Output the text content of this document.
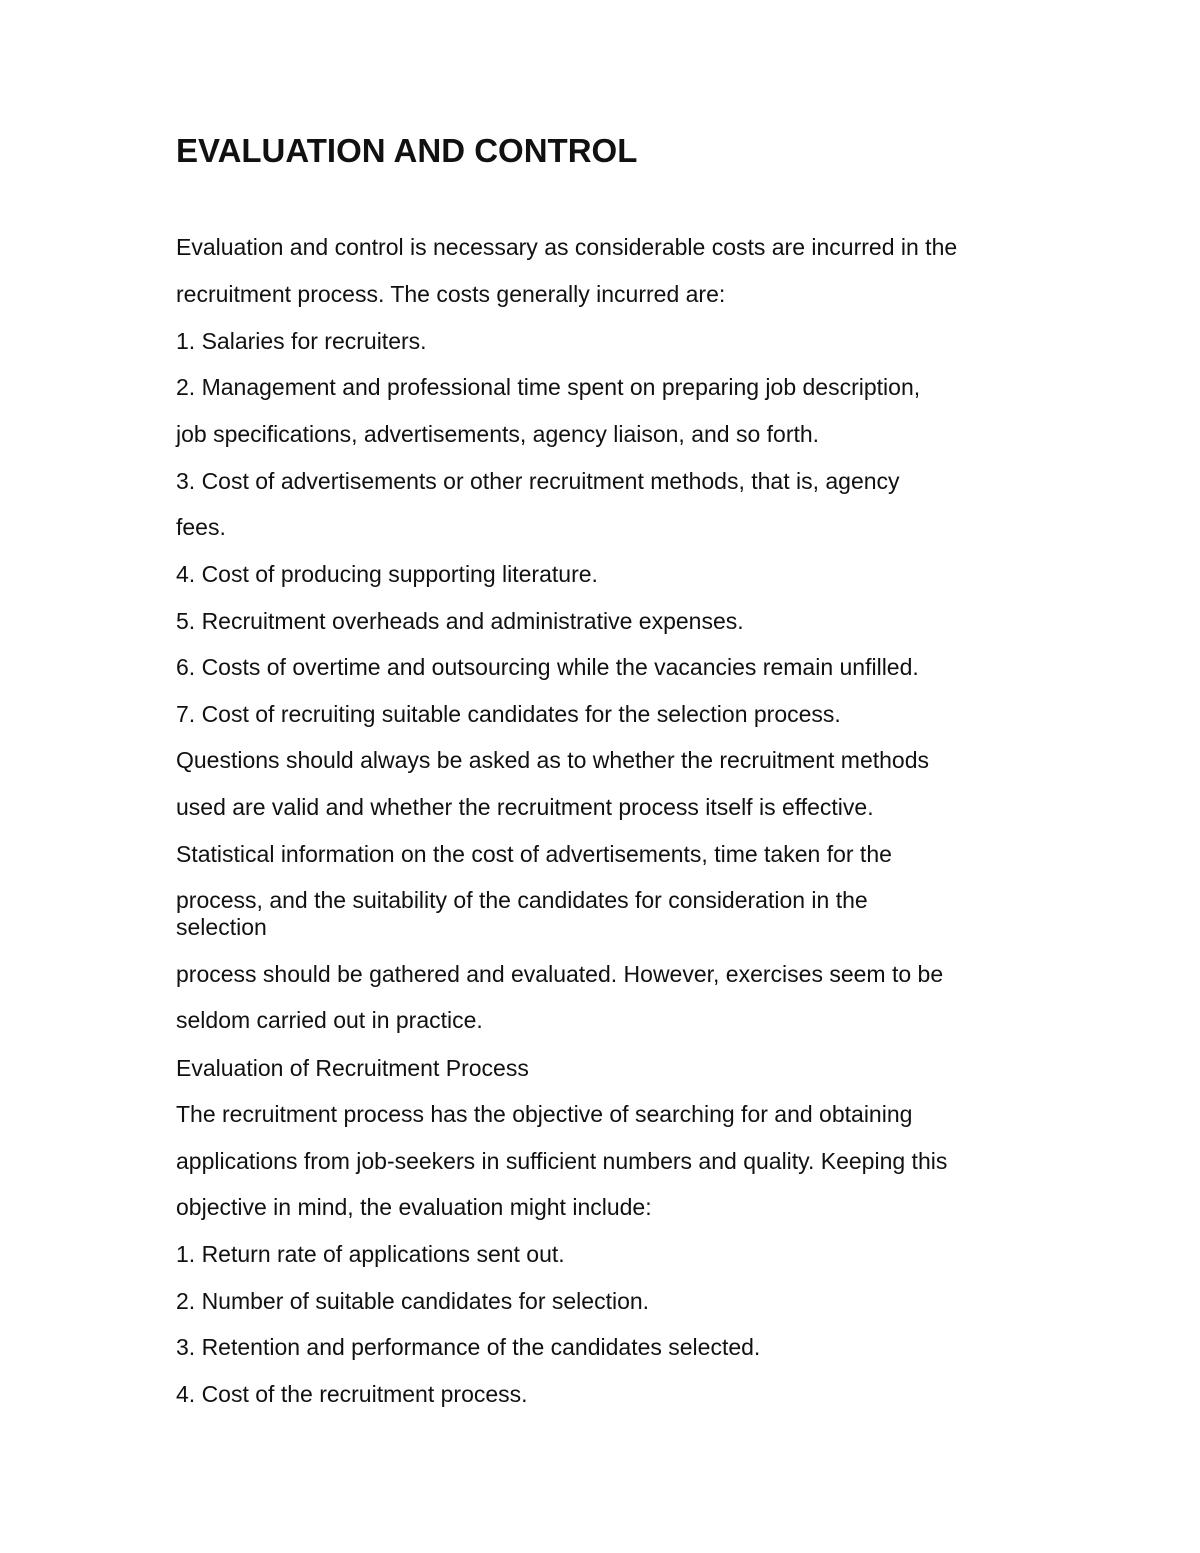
EVALUATION AND CONTROL

Evaluation and control is necessary as considerable costs are incurred in the

recruitment process. The costs generally incurred are:

1. Salaries for recruiters.

2. Management and professional time spent on preparing job description,

job specifications, advertisements, agency liaison, and so forth.

3. Cost of advertisements or other recruitment methods, that is, agency

fees.

4. Cost of producing supporting literature.

5. Recruitment overheads and administrative expenses.

6. Costs of overtime and outsourcing while the vacancies remain unfilled.

7. Cost of recruiting suitable candidates for the selection process.

Questions should always be asked as to whether the recruitment methods

used are valid and whether the recruitment process itself is effective.

Statistical information on the cost of advertisements, time taken for the

process, and the suitability of the candidates for consideration in the

selection

process should be gathered and evaluated. However, exercises seem to be

seldom carried out in practice.

Evaluation of Recruitment Process

The recruitment process has the objective of searching for and obtaining

applications from job-seekers in sufficient numbers and quality. Keeping this

objective in mind, the evaluation might include:

1. Return rate of applications sent out.

2. Number of suitable candidates for selection.

3. Retention and performance of the candidates selected.

4. Cost of the recruitment process.
